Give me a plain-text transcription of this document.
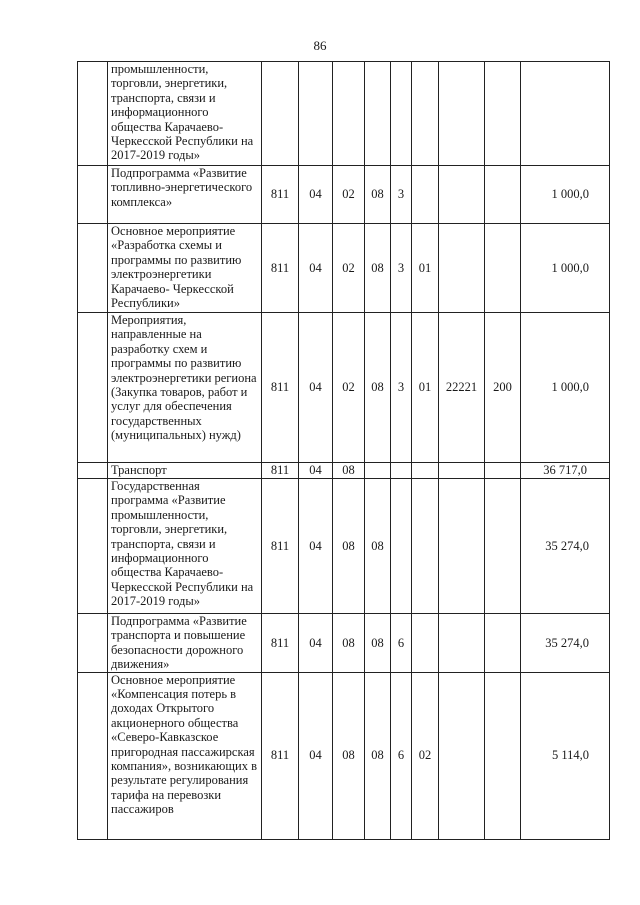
86
	промышленности, торговли, энергетики, транспорта, связи и информационного общества Карачаево-Черкесской Республики на 2017-2019 годы»									
	Подпрограмма «Развитие топливно-энергетического комплекса»	811	04	02	08	3				1 000,0
	Основное мероприятие «Разработка схемы и программы по развитию электроэнергетики Карачаево- Черкесской Республики»	811	04	02	08	3	01			1 000,0
	Мероприятия, направленные на разработку схем и программы по развитию электроэнергетики региона (Закупка товаров, работ и услуг для обеспечения государственных (муниципальных) нужд)	811	04	02	08	3	01	22221	200	1 000,0
	Транспорт	811	04	08						36 717,0
	Государственная программа «Развитие промышленности, торговли, энергетики, транспорта, связи и информационного общества Карачаево-Черкесской Республики на 2017-2019 годы»	811	04	08	08					35 274,0
	Подпрограмма «Развитие транспорта и повышение безопасности дорожного движения»	811	04	08	08	6				35 274,0
	Основное мероприятие «Компенсация потерь в доходах Открытого акционерного общества «Северо-Кавказское пригородная пассажирская компания», возникающих в результате регулирования тарифа на перевозки пассажиров	811	04	08	08	6	02			5 114,0
